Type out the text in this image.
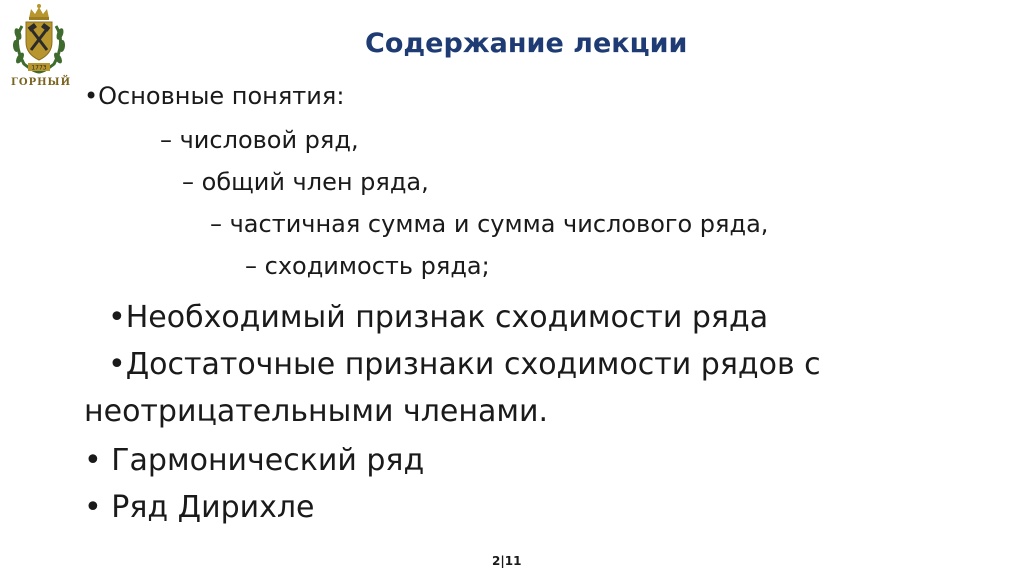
1773
ГОРНЫЙ
Содержание лекции
•Основные понятия:
– числовой ряд,
– общий член ряда,
– частичная сумма и сумма числового ряда,
– сходимость ряда;
•Необходимый признак сходимости ряда
•Достаточные признаки сходимости рядов с
неотрицательными членами.
• Гармонический ряд
• Ряд Дирихле
2|11
